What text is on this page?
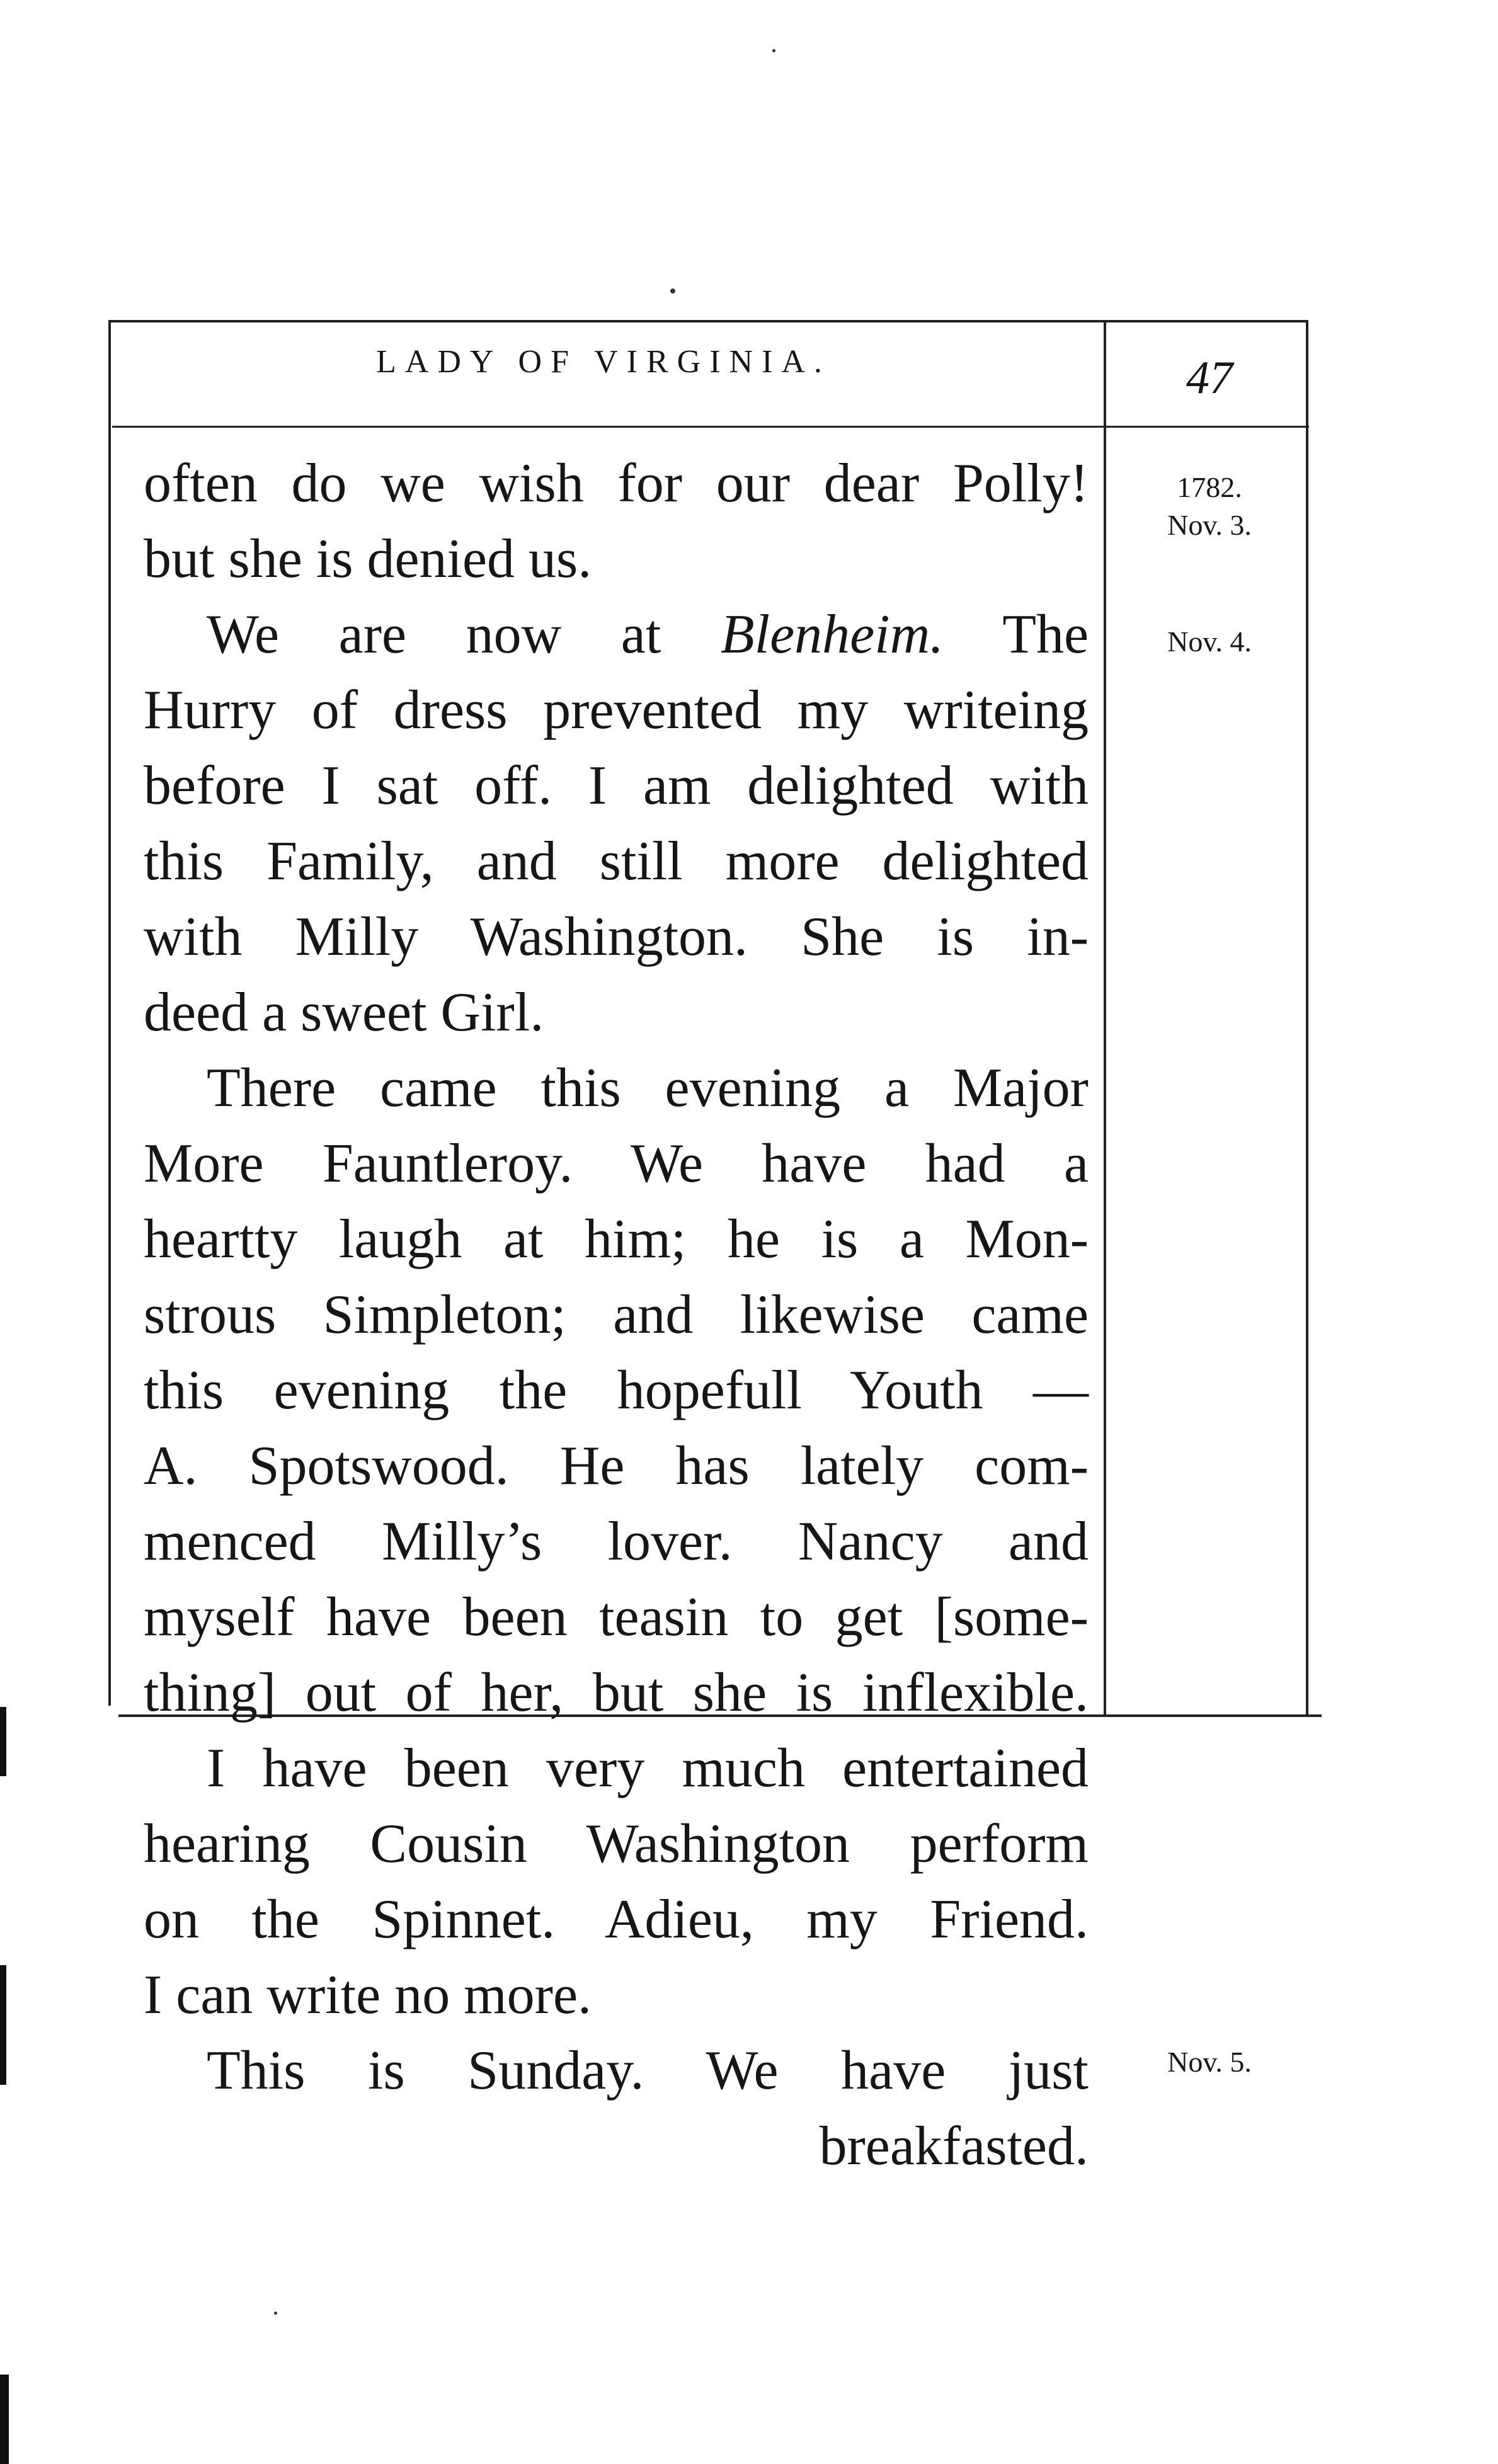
LADY OF VIRGINIA.	47
often do we wish for our dear Polly!
but she is denied us.
We are now at Blenheim. The
Hurry of dress prevented my writeing
before I sat off. I am delighted with
this Family, and still more delighted
with Milly Washington. She is in-
deed a sweet Girl.
There came this evening a Major
More Fauntleroy. We have had a
heartty laugh at him; he is a Mon-
strous Simpleton; and likewise came
this evening the hopefull Youth —
A. Spotswood. He has lately com-
menced Milly’s lover. Nancy and
myself have been teasin to get [some-
thing] out of her, but she is inflexible.
I have been very much entertained
hearing Cousin Washington perform
on the Spinnet. Adieu, my Friend.
I can write no more.
This is Sunday. We have just
breakfasted.
1782.
Nov. 3.
Nov. 4.
Nov. 5.
